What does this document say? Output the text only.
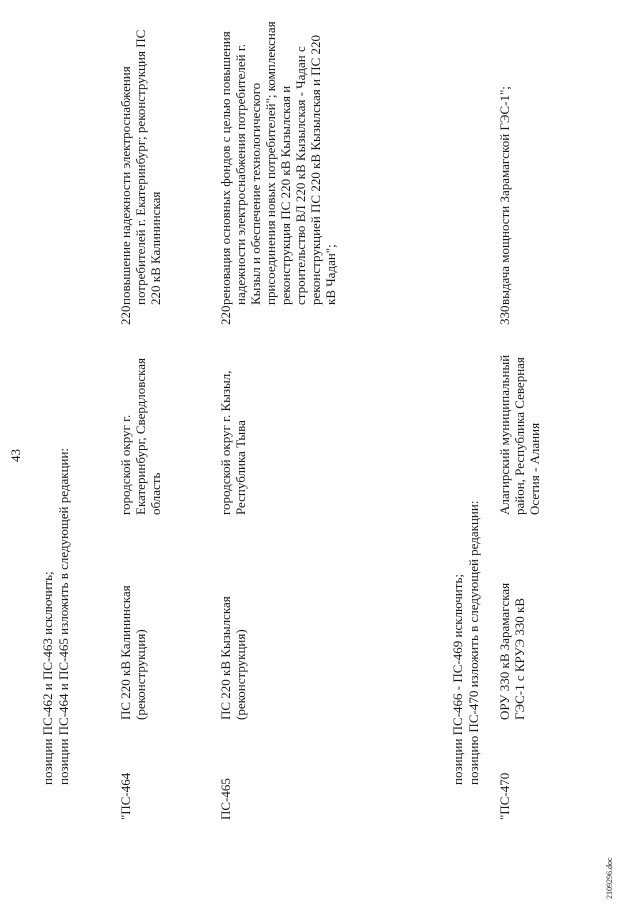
43
позиции ПС-462 и ПС-463 исключить; позиции ПС-464 и ПС-465 изложить в следующей редакции:
"ПС-464
ПС 220 кВ Калининская (реконструкция)
городской округ г. Екатеринбург, Свердловская область
220
повышение надежности электроснабжения потребителей г. Екатеринбург; реконструкция ПС 220 кВ Калининская
ПС-465
ПС 220 кВ Кызылская (реконструкция)
городской округ г. Кызыл, Республика Тыва
220
реновация основных фондов с целью повышения надежности электроснабжения потребителей г. Кызыл и обеспечение технологического присоединения новых потребителей"; комплексная реконструкция ПС 220 кВ Кызылская и строительство ВЛ 220 кВ Кызылская - Чадан с реконструкцией ПС 220 кВ Кызылская и ПС 220 кВ Чадан";
позиции ПС-466 - ПС-469 исключить; позицию ПС-470 изложить в следующей редакции:
"ПС-470
ОРУ 330 кВ Зарамагская ГЭС-1 с КРУЭ 330 кВ
Алагирский муниципальный район, Республика Северная Осетия - Алания
330
выдача мощности Зарамагской ГЭС-1";
2109296.doc
